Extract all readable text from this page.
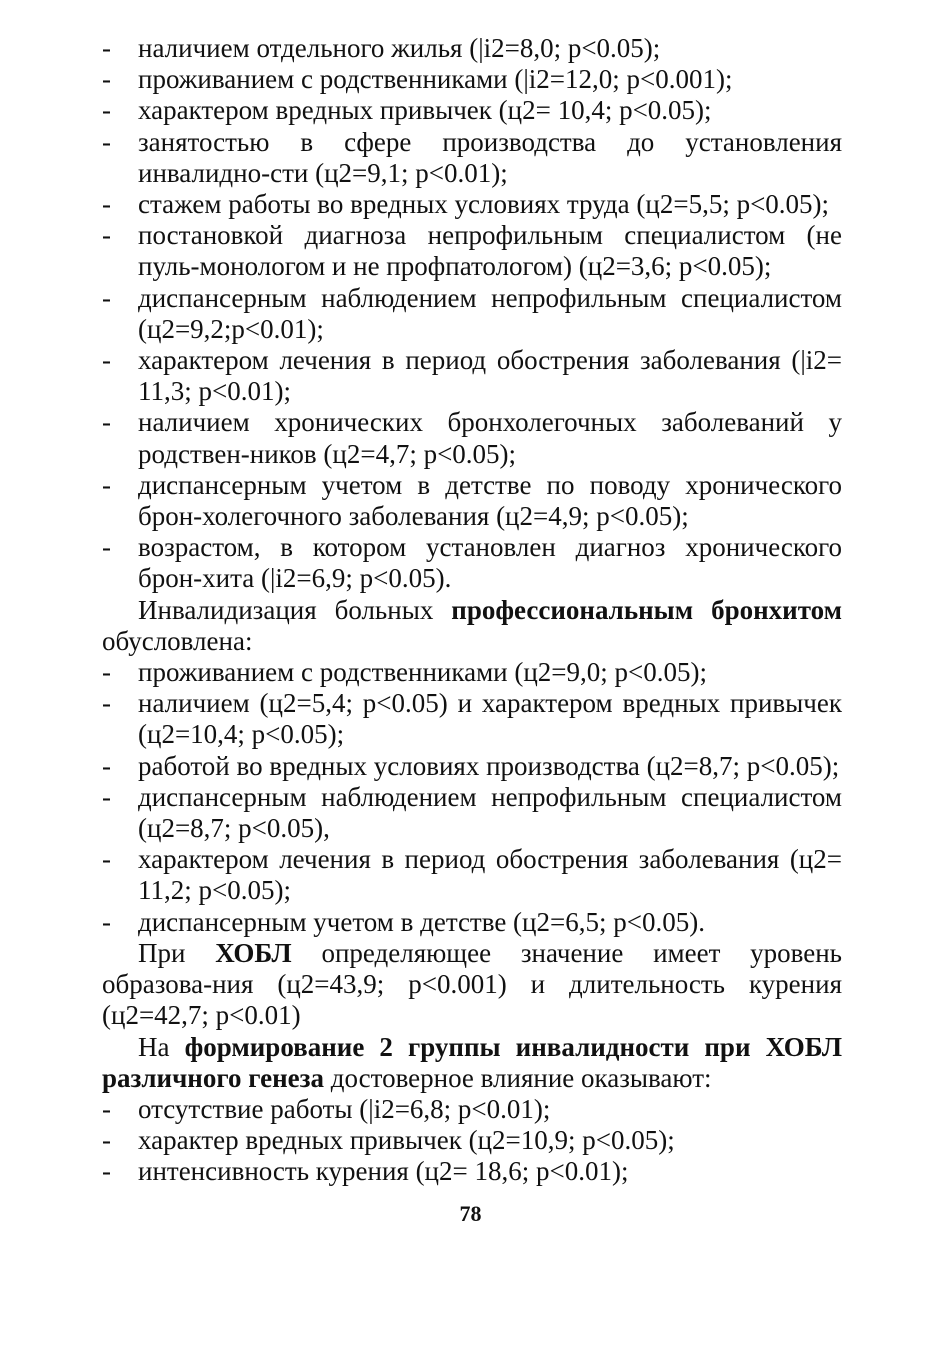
-	наличием отдельного жилья (|i2=8,0; p<0.05);
-	проживанием с родственниками (|i2=12,0; p<0.001);
-	характером вредных привычек (ц2= 10,4; p<0.05);
-	занятостью в сфере производства до установления инвалидно-сти (ц2=9,1; p<0.01);
-	стажем работы во вредных условиях труда (ц2=5,5; p<0.05);
-	постановкой диагноза непрофильным специалистом (не пуль-монологом и не профпатологом) (ц2=3,6; p<0.05);
-	диспансерным наблюдением непрофильным специалистом (ц2=9,2;p<0.01);
-	характером лечения в период обострения заболевания (|i2= 11,3; p<0.01);
-	наличием хронических бронхолегочных заболеваний у родствен-ников (ц2=4,7; p<0.05);
-	диспансерным учетом в детстве по поводу хронического брон-холегочного заболевания (ц2=4,9; p<0.05);
-	возрастом, в котором установлен диагноз хронического брон-хита (|i2=6,9; p<0.05).
Инвалидизация больных профессиональным бронхитом обусловлена:
-	проживанием с родственниками (ц2=9,0; p<0.05);
-	наличием (ц2=5,4; p<0.05) и характером вредных привычек (ц2=10,4; p<0.05);
-	работой во вредных условиях производства (ц2=8,7; p<0.05);
-	диспансерным наблюдением непрофильным специалистом (ц2=8,7; p<0.05),
-	характером лечения в период обострения заболевания (ц2= 11,2; p<0.05);
-	диспансерным учетом в детстве (ц2=6,5; p<0.05).
При ХОБЛ определяющее значение имеет уровень образова-ния (ц2=43,9; p<0.001) и длительность курения (ц2=42,7; p<0.01)
На формирование 2 группы инвалидности при ХОБЛ различного генеза достоверное влияние оказывают:
-	отсутствие работы (|i2=6,8; p<0.01);
-	характер вредных привычек (ц2=10,9; p<0.05);
-	интенсивность курения (ц2= 18,6; p<0.01);
78
